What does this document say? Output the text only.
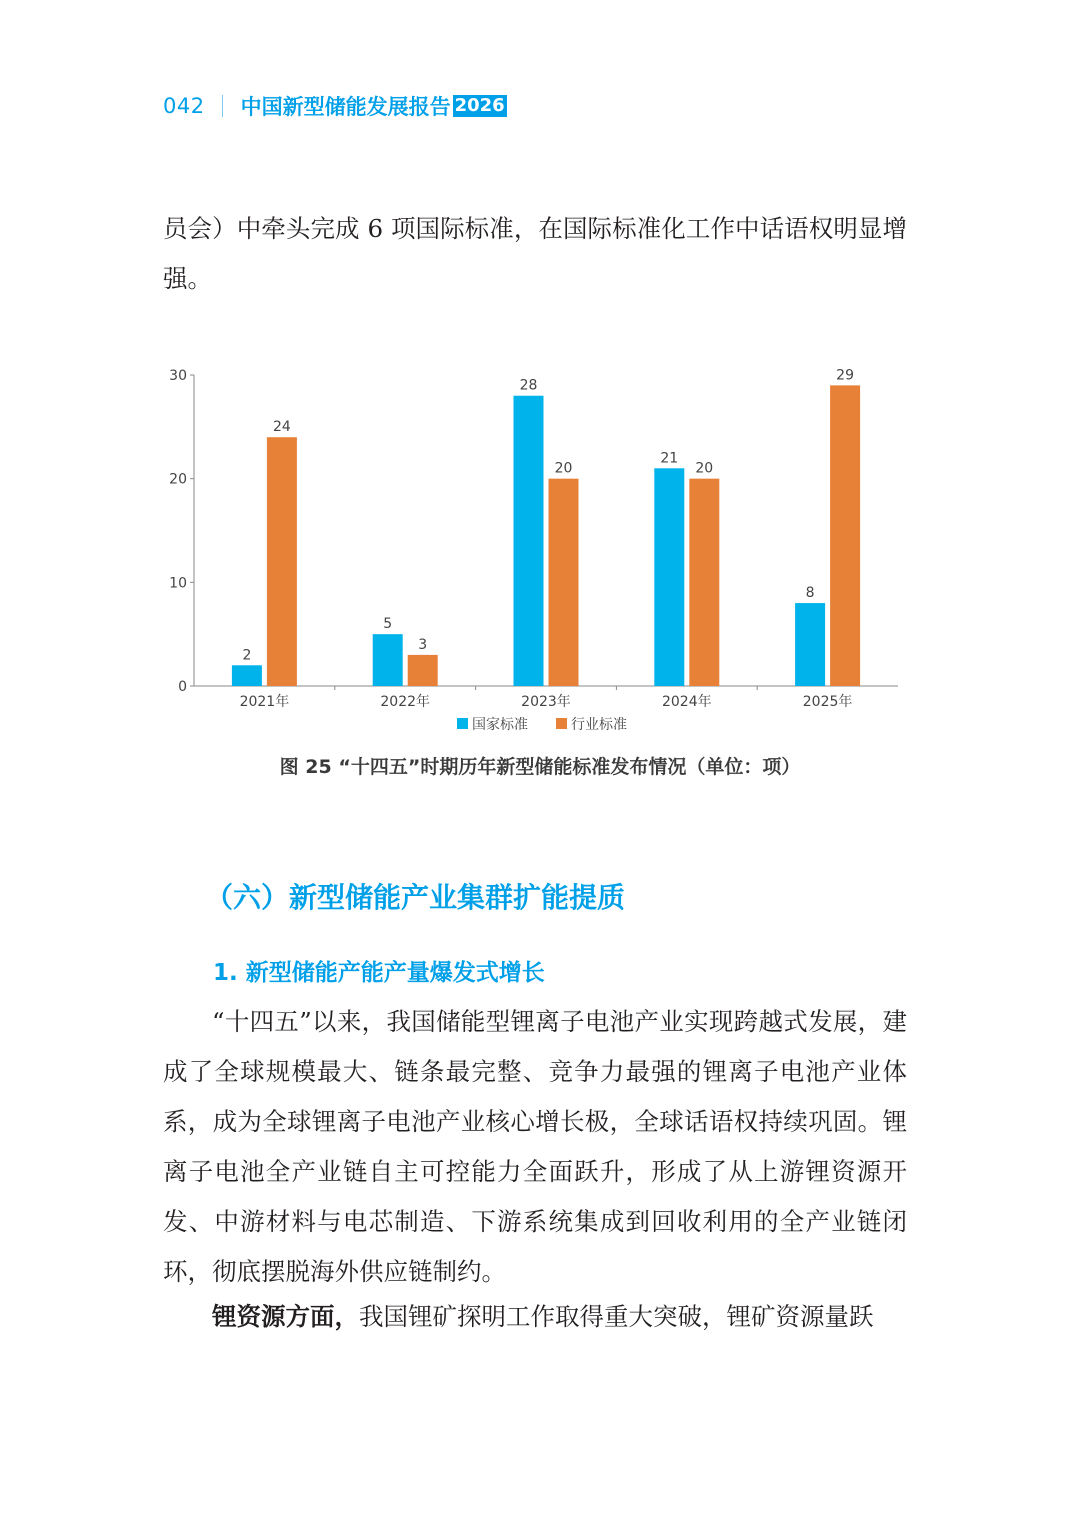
042 中国新型储能发展报告 2026

员会）中牵头完成 6 项国际标准，在国际标准化工作中话语权明显增强。

0
10
20
30
2
24
2021年
5
3
2022年
28
20
2023年
21
20
2024年
8
29
2025年
国家标准	行业标准
图 25 “十四五”时期历年新型储能标准发布情况（单位：项）
（六）新型储能产业集群扩能提质
1. 新型储能产能产量爆发式增长

“十四五”以来，我国储能型锂离子电池产业实现跨越式发展，建成了全球规模最大、链条最完整、竞争力最强的锂离子电池产业体系，成为全球锂离子电池产业核心增长极，全球话语权持续巩固。锂离子电池全产业链自主可控能力全面跃升，形成了从上游锂资源开发、中游材料与电芯制造、下游系统集成到回收利用的全产业链闭环，彻底摆脱海外供应链制约。

锂资源方面，我国锂矿探明工作取得重大突破，锂矿资源量跃
